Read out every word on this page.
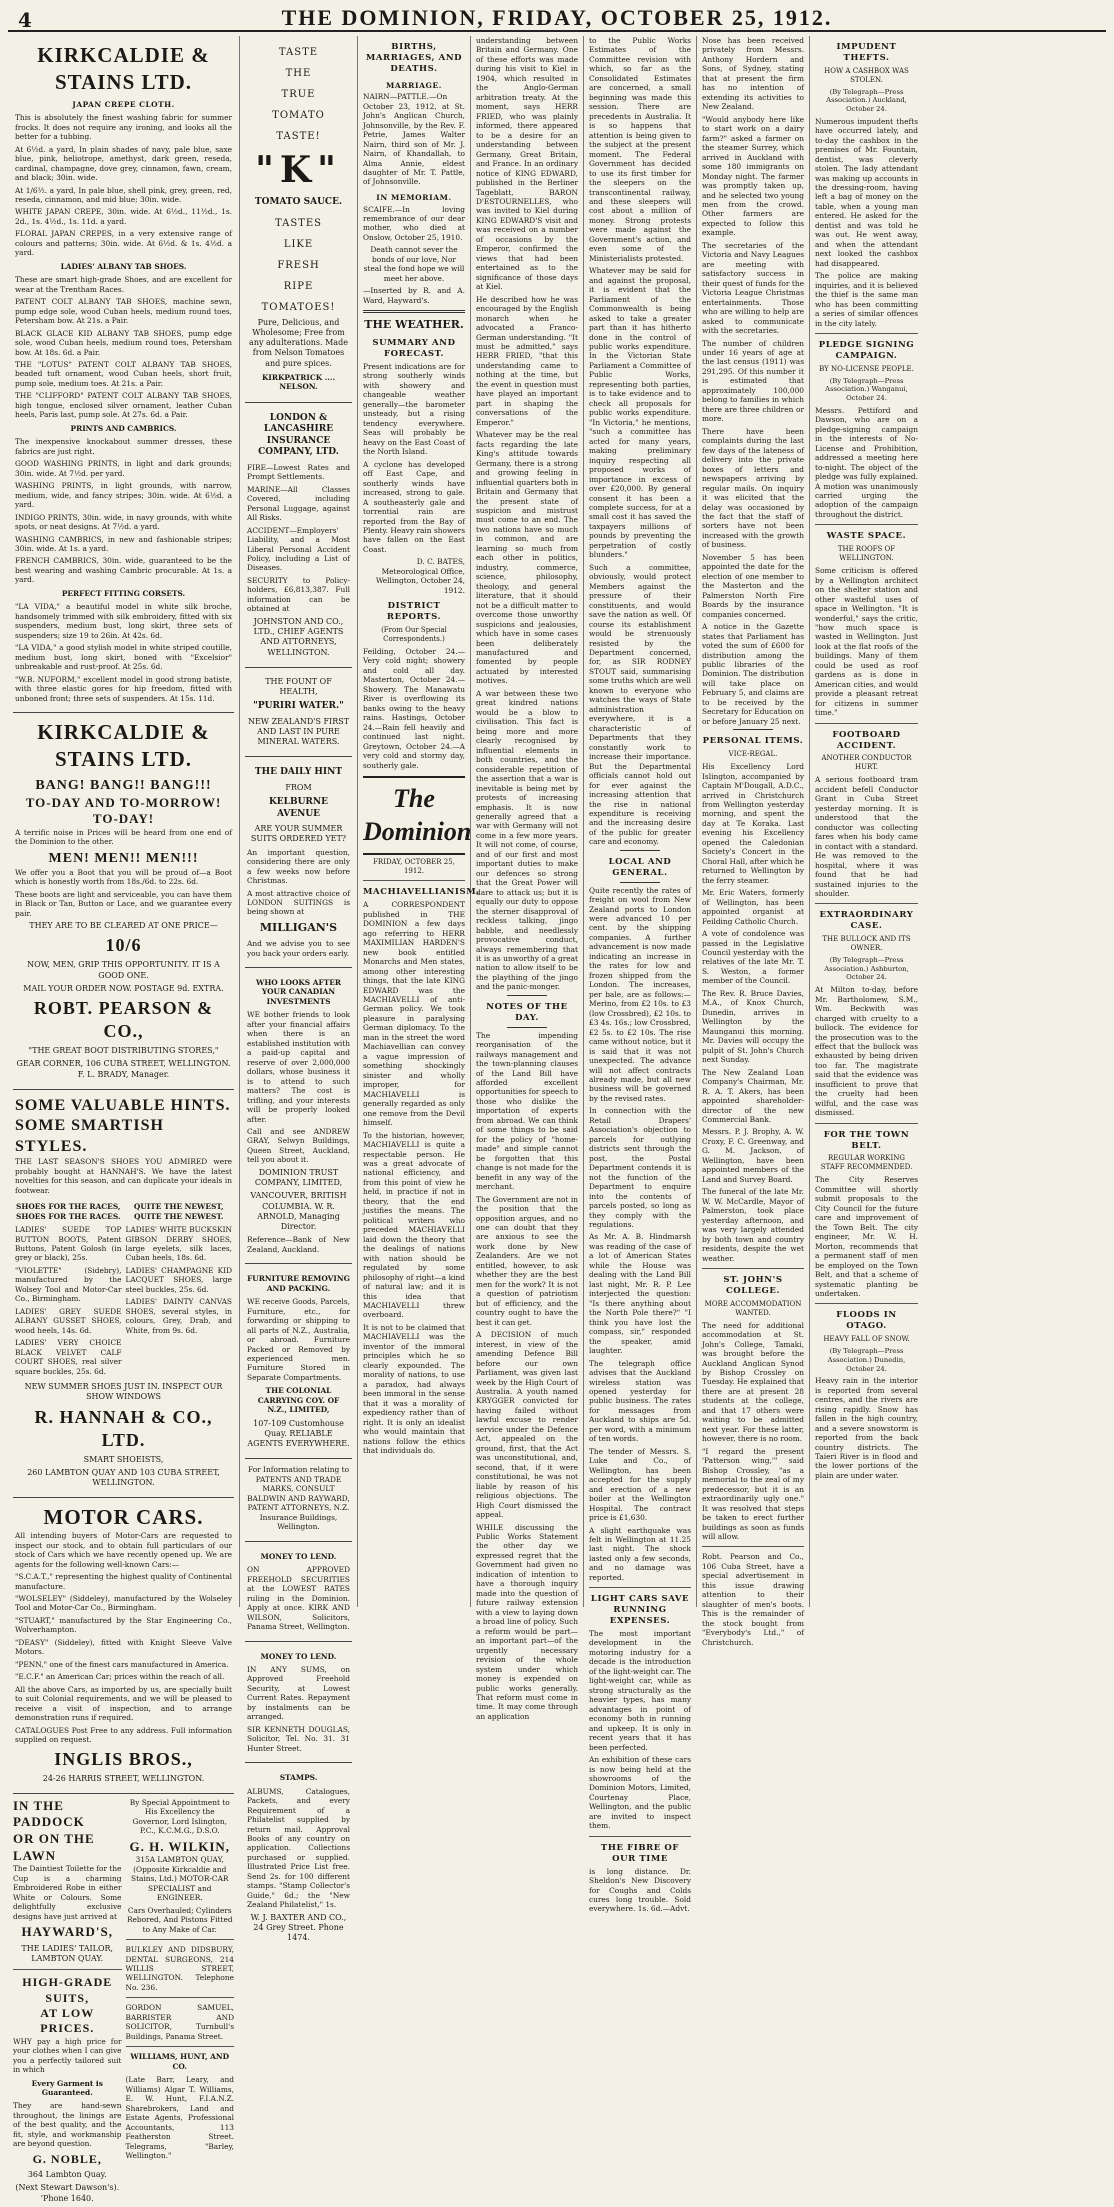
4	THE DOMINION, FRIDAY, OCTOBER 25, 1912.
KIRKCALDIE & STAINS LTD.
JAPAN CREPE CLOTH.

This is absolutely the finest washing fabric for summer frocks. It does not require any ironing, and looks all the better for a tubbing.

At 6½d. a yard, In plain shades of navy, pale blue, saxe blue, pink, heliotrope, amethyst, dark green, reseda, cardinal, champagne, dove grey, cinnamon, fawn, cream, and black; 30in. wide.

At 1/6½. a yard, In pale blue, shell pink, grey, green, red, reseda, cinnamon, and mid blue; 30in. wide.

WHITE JAPAN CREPE, 30in. wide. At 6½d., 11½d., 1s. 2d., 1s. 4½d., 1s. 11d. a yard.

FLORAL JAPAN CREPES, in a very extensive range of colours and patterns; 30in. wide. At 6½d. & 1s. 4½d. a yard.

LADIES' ALBANY TAB SHOES.

These are smart high-grade Shoes, and are excellent for wear at the Trentham Races.

PATENT COLT ALBANY TAB SHOES, machine sewn, pump edge sole, wood Cuban heels, medium round toes, Petersham bow. At 21s. a Pair.

BLACK GLACE KID ALBANY TAB SHOES, pump edge sole, wood Cuban heels, medium round toes, Petersham bow. At 18s. 6d. a Pair.

THE "LOTUS" PATENT COLT ALBANY TAB SHOES, beaded tuft ornament, wood Cuban heels, short fruit, pump sole, medium toes. At 21s. a Pair.

THE "CLIFFORD" PATENT COLT ALBANY TAB SHOES, high tongue, enclosed silver ornament, leather Cuban heels, Paris last, pump sole. At 27s. 6d. a Pair.

PRINTS AND CAMBRICS.

The inexpensive knockabout summer dresses, these fabrics are just right.

GOOD WASHING PRINTS, in light and dark grounds; 30in. wide. At 7½d. per yard.

WASHING PRINTS, in light grounds, with narrow, medium, wide, and fancy stripes; 30in. wide. At 6½d. a yard.

INDIGO PRINTS, 30in. wide, in navy grounds, with white spots, or neat designs. At 7½d. a yard.

WASHING CAMBRICS, in new and fashionable stripes; 30in. wide. At 1s. a yard.

FRENCH CAMBRICS, 30in. wide, guaranteed to be the best wearing and washing Cambric procurable. At 1s. a yard.

PERFECT FITTING CORSETS.

"LA VIDA," a beautiful model in white silk broche, handsomely trimmed with silk embroidery, fitted with six suspenders, medium bust, long skirt, three sets of suspenders; size 19 to 26in. At 42s. 6d.

"LA VIDA," a good stylish model in white striped coutille, medium bust, long skirt, boned with "Excelsior" unbreakable and rust-proof. At 25s. 6d.

"W.B. NUFORM," excellent model in good strong batiste, with three elastic gores for hip freedom, fitted with unboned front; three sets of suspenders. At 15s. 11d.

KIRKCALDIE & STAINS LTD.
BANG! BANG!! BANG!!!
TO-DAY AND TO-MORROW! TO-DAY!

A terrific noise in Prices will be heard from one end of the Dominion to the other.

MEN! MEN!! MEN!!!

We offer you a Boot that you will be proud of—a Boot which is honestly worth from 18s./6d. to 22s. 6d.

These boots are light and serviceable, you can have them in Black or Tan, Button or Lace, and we guarantee every pair.

THEY ARE TO BE CLEARED AT ONE PRICE—
10/6
NOW, MEN, GRIP THIS OPPORTUNITY. IT IS A GOOD ONE.
MAIL YOUR ORDER NOW. POSTAGE 9d. EXTRA.
ROBT. PEARSON & CO.,
"THE GREAT BOOT DISTRIBUTING STORES,"
GEAR CORNER, 106 CUBA STREET, WELLINGTON. F. L. BRADY, Manager.
SOME VALUABLE HINTS.
SOME SMARTISH STYLES.

THE LAST SEASON'S SHOES YOU ADMIRED were probably bought at HANNAH'S. We have the latest novelties for this season, and can duplicate your ideals in footwear.

SHOES FOR THE RACES, SHOES FOR THE RACES.

LADIES' SUEDE TOP BUTTON BOOTS, Patent Buttons, Patent Golosh (in grey or black), 25s.

"VIOLETTE" (Sidebry), manufactured by the Wolsey Tool and Motor-Car Co., Birmingham.

LADIES' GREY SUEDE ALBANY GUSSET SHOES, wood heels, 14s. 6d.

LADIES' VERY CHOICE BLACK VELVET CALF COURT SHOES, real silver square buckles, 25s. 6d.

QUITE THE NEWEST, QUITE THE NEWEST.

LADIES' WHITE BUCKSKIN GIBSON DERBY SHOES, large eyelets, silk laces, Cuban heels, 18s. 6d.

LADIES' CHAMPAGNE KID LACQUET SHOES, large steel buckles, 25s. 6d.

LADIES' DAINTY CANVAS SHOES, several styles, in colours, Grey, Drab, and White, from 9s. 6d.

NEW SUMMER SHOES JUST IN. INSPECT OUR SHOW WINDOWS
R. HANNAH & CO., LTD.
SMART SHOEISTS,
260 LAMBTON QUAY AND 103 CUBA STREET, WELLINGTON.
MOTOR CARS.

All intending buyers of Motor-Cars are requested to inspect our stock, and to obtain full particulars of our stock of Cars which we have recently opened up. We are agents for the following well-known Cars:—

"S.C.A.T.," representing the highest quality of Continental manufacture.

"WOLSELEY" (Siddeley), manufactured by the Wolseley Tool and Motor-Car Co., Birmingham.

"STUART," manufactured by the Star Engineering Co., Wolverhampton.

"DEASY" (Siddeley), fitted with Knight Sleeve Valve Motors.

"PENN," one of the finest cars manufactured in America.

"E.C.F." an American Car; prices within the reach of all.

All the above Cars, as imported by us, are specially built to suit Colonial requirements, and we will be pleased to receive a visit of inspection, and to arrange demonstration runs if required.

CATALOGUES Post Free to any address. Full information supplied on request.

INGLIS BROS.,
24-26 HARRIS STREET, WELLINGTON.
IN THE PADDOCK
OR ON THE LAWN

The Daintiest Toilette for the Cup is a charming Embroidered Robe in either White or Colours. Some delightfully exclusive designs have just arrived at

HAYWARD'S,
THE LADIES' TAILOR, LAMBTON QUAY.
HIGH-GRADE SUITS,
AT LOW PRICES.

WHY pay a high price for your clothes when I can give you a perfectly tailored suit in which

Every Garment is Guaranteed.

They are hand-sewn throughout, the linings are of the best quality, and the fit, style, and workmanship are beyond question.

G. NOBLE,
364 Lambton Quay.
(Next Stewart Dawson's). 'Phone 1640.

By Special Appointment to His Excellency the Governor, Lord Islington, P.C., K.C.M.G., D.S.O.

G. H. WILKIN,

315A LAMBTON QUAY, (Opposite Kirkcaldie and Stains, Ltd.) MOTOR-CAR SPECIALIST and ENGINEER.

Cars Overhauled; Cylinders Rebored, And Pistons Fitted to Any Make of Car.

BULKLEY AND DIDSBURY, DENTAL SURGEONS, 214 WILLIS STREET, WELLINGTON. Telephone No. 236.

GORDON SAMUEL, BARRISTER AND SOLICITOR, Turnbull's Buildings, Panama Street.

WILLIAMS, HUNT, AND CO.

(Late Barr, Leary, and Williams) Algar T. Williams, E. W. Hunt, F.I.A.N.Z. Sharebrokers, Land and Estate Agents, Professional Accountants, 113 Featherston Street. Telegrams, "Barley, Wellington."

TASTE
THE
TRUE
TOMATO
TASTE!
"K"
TOMATO SAUCE.
TASTES
LIKE
FRESH
RIPE
TOMATOES!

Pure, Delicious, and Wholesome; Free from any adulterations. Made from Nelson Tomatoes and pure spices.

KIRKPATRICK .... NELSON.
LONDON & LANCASHIRE INSURANCE COMPANY, LTD.

FIRE—Lowest Rates and Prompt Settlements.

MARINE—All Classes Covered, including Personal Luggage, against All Risks.

ACCIDENT—Employers' Liability, and a Most Liberal Personal Accident Policy, including a List of Diseases.

SECURITY to Policy-holders, £6,813,387. Full information can be obtained at

JOHNSTON AND CO., LTD., CHIEF AGENTS AND ATTORNEYS, WELLINGTON.
THE FOUNT OF HEALTH,
"PURIRI WATER."
NEW ZEALAND'S FIRST AND LAST IN PURE MINERAL WATERS.
THE DAILY HINT
FROM
KELBURNE AVENUE
ARE YOUR SUMMER SUITS ORDERED YET?

An important question, considering there are only a few weeks now before Christmas.

A most attractive choice of LONDON SUITINGS is being shown at

MILLIGAN'S

And we advise you to see you back your orders early.

WHO LOOKS AFTER YOUR CANADIAN INVESTMENTS

WE bother friends to look after your financial affairs when there is an established institution with a paid-up capital and reserve of over 2,000,000 dollars, whose business it is to attend to such matters? The cost is trifling, and your interests will be properly looked after.

Call and see ANDREW GRAY, Selwyn Buildings, Queen Street, Auckland, tell you about it.

DOMINION TRUST COMPANY, LIMITED,
VANCOUVER, BRITISH COLUMBIA. W. R. ARNOLD, Managing Director.

Reference—Bank of New Zealand, Auckland.

FURNITURE REMOVING AND PACKING.

WE receive Goods, Parcels, Furniture, etc., for forwarding or shipping to all parts of N.Z., Australia, or abroad. Furniture Packed or Removed by experienced men. Furniture Stored in Separate Compartments.

THE COLONIAL CARRYING COY. OF N.Z., LIMITED,
107-109 Customhouse Quay. RELIABLE AGENTS EVERYWHERE.

For Information relating to PATENTS AND TRADE MARKS, CONSULT BALDWIN AND RAYWARD, PATENT ATTORNEYS, N.Z. Insurance Buildings, Wellington.

MONEY TO LEND.

ON APPROVED FREEHOLD SECURITIES at the LOWEST RATES ruling in the Dominion. Apply at once. KIRK AND WILSON, Solicitors, Panama Street, Wellington.

MONEY TO LEND.

IN ANY SUMS, on Approved Freehold Security, at Lowest Current Rates. Repayment by instalments can be arranged.

SIR KENNETH DOUGLAS, Solicitor, Tel. No. 31. 31 Hunter Street.

STAMPS.

ALBUMS, Catalogues, Packets, and every Requirement of a Philatelist supplied by return mail. Approval Books of any country on application. Collections purchased or supplied. Illustrated Price List free. Send 2s. for 100 different stamps. "Stamp Collector's Guide," 6d.; the "New Zealand Philatelist," 1s.

W. J. BAXTER AND CO., 24 Grey Street. Phone 1474.
BIRTHS, MARRIAGES, AND DEATHS.
MARRIAGE.

NAIRN—PATTLE.—On October 23, 1912, at St. John's Anglican Church, Johnsonville, by the Rev. F. Petrie, James Walter Nairn, third son of Mr. J. Nairn, of Khandallah, to Alma Annie, eldest daughter of Mr. T. Pattle, of Johnsonville.

IN MEMORIAM.

SCAIFE.—In loving remembrance of our dear mother, who died at Onslow, October 25, 1910.

Death cannot sever the bonds of our love, Nor steal the fond hope we will meet her above.

—Inserted by R. and A. Ward, Hayward's.

THE WEATHER.
SUMMARY AND FORECAST.

Present indications are for strong southerly winds with showery and changeable weather generally—the barometer unsteady, but a rising tendency everywhere. Seas will probably be heavy on the East Coast of the North Island.

A cyclone has developed off East Cape, and southerly winds have increased, strong to gale. A southeasterly gale and torrential rain are reported from the Bay of Plenty. Heavy rain showers have fallen on the East Coast.

D. C. BATES, Meteorological Office, Wellington, October 24, 1912.

DISTRICT REPORTS.
(From Our Special Correspondents.)

Feilding, October 24.—Very cold night; showery and cold all day. Masterton, October 24.—Showery. The Manawatu River is overflowing its banks owing to the heavy rains. Hastings, October 24.—Rain fell heavily and continued last night. Greytown, October 24.—A very cold and stormy day, southerly gale.

The Dominion
FRIDAY, OCTOBER 25, 1912.
MACHIAVELLIANISM.

A CORRESPONDENT published in THE DOMINION a few days ago referring to HERR MAXIMILIAN HARDEN'S new book entitled Monarchs and Men states, among other interesting things, that the late KING EDWARD was the MACHIAVELLI of anti-German policy. We took pleasure in paralysing German diplomacy. To the man in the street the word Machiavellian can convey a vague impression of something shockingly sinister and wholly improper, for MACHIAVELLI is generally regarded as only one remove from the Devil himself.

To the historian, however, MACHIAVELLI is quite a respectable person. He was a great advocate of national efficiency, and from this point of view he held, in practice if not in theory, that the end justifies the means. The political writers who preceded MACHIAVELLI laid down the theory that the dealings of nations with nation should be regulated by some philosophy of right—a kind of natural law; and it is this idea that MACHIAVELLI threw overboard.

It is not to be claimed that MACHIAVELLI was the inventor of the immoral principles which he so clearly expounded. The morality of nations, to use a paradox, had always been immoral in the sense that it was a morality of expediency rather than of right. It is only an idealist who would maintain that nations follow the ethics that individuals do.

understanding between Britain and Germany. One of these efforts was made during his visit to Kiel in 1904, which resulted in the Anglo-German arbitration treaty. At the moment, says HERR FRIED, who was plainly informed, there appeared to be a desire for an understanding between Germany, Great Britain, and France. In an ordinary notice of KING EDWARD, published in the Berliner Tageblatt, BARON D'ESTOURNELLES, who was invited to Kiel during KING EDWARD'S visit and was received on a number of occasions by the Emperor, confirmed the views that had been entertained as to the significance of those days at Kiel.

He described how he was encouraged by the English monarch when he advocated a Franco-German understanding. "It must be admitted," says HERR FRIED, "that this understanding came to nothing at the time, but the event in question must have played an important part in shaping the conversations of the Emperor."

Whatever may be the real facts regarding the late King's attitude towards Germany, there is a strong and growing feeling in influential quarters both in Britain and Germany that the present state of suspicion and mistrust must come to an end. The two nations have so much in common, and are learning so much from each other in politics, industry, commerce, science, philosophy, theology, and general literature, that it should not be a difficult matter to overcome those unworthy suspicions and jealousies, which have in some cases been deliberately manufactured and fomented by people actuated by interested motives.

A war between these two great kindred nations would be a blow to civilisation. This fact is being more and more clearly recognised by influential elements in both countries, and the considerable repetition of the assertion that a war is inevitable is being met by protests of increasing emphasis. It is now generally agreed that a war with Germany will not come in a few more years. It will not come, of course, and of our first and most important duties to make our defences so strong that the Great Power will dare to attack us; but it is equally our duty to oppose the sterner disapproval of reckless talking, jingo babble, and needlessly provocative conduct, always remembering that it is as unworthy of a great nation to allow itself to be the plaything of the jingo and the panic-monger.

NOTES OF THE DAY.

The impending reorganisation of the railways management and the town-planning clauses of the Land Bill have afforded excellent opportunities for speech to those who dislike the importation of experts from abroad. We can think of some things to be said for the policy of "home-made" and simple cannot be forgotten that this change is not made for the benefit in any way of the merchant.

The Government are not in the position that the opposition argues, and no one can doubt that they are anxious to see the work done by New Zealanders. Are we not entitled, however, to ask whether they are the best men for the work? It is not a question of patriotism but of efficiency, and the country ought to have the best it can get.

A DECISION of much interest, in view of the amending Defence Bill before our own Parliament, was given last week by the High Court of Australia. A youth named KRYGGER convicted for having failed without lawful excuse to render service under the Defence Act, appealed on the ground, first, that the Act was unconstitutional, and, second, that, if it were constitutional, he was not liable by reason of his religious objections. The High Court dismissed the appeal.

WHILE discussing the Public Works Statement the other day we expressed regret that the Government had given no indication of intention to have a thorough inquiry made into the question of future railway extension with a view to laying down a broad line of policy. Such a reform would be part—an important part—of the urgently necessary revision of the whole system under which money is expended on public works generally. That reform must come in time. It may come through an application

to the Public Works Estimates of the Committee revision with which, so far as the Consolidated Estimates are concerned, a small beginning was made this session. There are precedents in Australia. It is so happens that attention is being given to the subject at the present moment. The Federal Government has decided to use its first timber for the sleepers on the transcontinental railway, and these sleepers will cost about a million of money. Strong protests were made against the Government's action, and even some of the Ministerialists protested.

Whatever may be said for and against the proposal, it is evident that the Parliament of the Commonwealth is being asked to take a greater part than it has hitherto done in the control of public works expenditure. In the Victorian State Parliament a Committee of Public Works, representing both parties, is to take evidence and to check all proposals for public works expenditure. "In Victoria," he mentions, "such a committee has acted for many years, making preliminary inquiry respecting all proposed works of importance in excess of over £20,000. By general consent it has been a complete success, for at a small cost it has saved the taxpayers millions of pounds by preventing the perpetration of costly blunders."

Such a committee, obviously, would protect Members against the pressure of their constituents, and would save the nation as well. Of course its establishment would be strenuously resisted by the Department concerned, for, as SIR RODNEY STOUT said, summarising some truths which are well known to everyone who watches the ways of State administration everywhere, it is a characteristic of Departments that they constantly work to increase their importance. But the Departmental officials cannot hold out for ever against the increasing attention that the rise in national expenditure is receiving and the increasing desire of the public for greater care and economy.

LOCAL AND GENERAL.

Quite recently the rates of freight on wool from New Zealand ports to London were advanced 10 per cent. by the shipping companies. A further advancement is now made indicating an increase in the rates for low and frozen shipped from the London. The increases, per bale, are as follows:—Merino, from £2 10s. to £3 (low Crossbred), £2 10s. to £3 4s. 16s.; low Crossbred, £2 5s. to £2 10s. The rise came without notice, but it is said that it was not unexpected. The advance will not affect contracts already made, but all new business will be governed by the revised rates.

In connection with the Retail Drapers' Association's objection to parcels for outlying districts sent through the post, the Postal Department contends it is not the function of the Department to enquire into the contents of parcels posted, so long as they comply with the regulations.

As Mr. A. B. Hindmarsh was reading of the case of a lot of American States while the House was dealing with the Land Bill last night, Mr. R. P. Lee interjected the question: "Is there anything about the North Pole there?" "I think you have lost the compass, sir," responded the speaker, amid laughter.

The telegraph office advises that the Auckland wireless station was opened yesterday for public business. The rates for messages from Auckland to ships are 5d. per word, with a minimum of ten words.

The tender of Messrs. S. Luke and Co., of Wellington, has been accepted for the supply and erection of a new boiler at the Wellington Hospital. The contract price is £1,630.

A slight earthquake was felt in Wellington at 11.25 last night. The shock lasted only a few seconds, and no damage was reported.

LIGHT CARS SAVE RUNNING EXPENSES.

The most important development in the motoring industry for a decade is the introduction of the light-weight car. The light-weight car, while as strong structurally as the heavier types, has many advantages in point of economy both in running and upkeep. It is only in recent years that it has been perfected.

An exhibition of these cars is now being held at the showrooms of the Dominion Motors, Limited, Courtenay Place, Wellington, and the public are invited to inspect them.

THE FIBRE OF OUR TIME

is long distance. Dr. Sheldon's New Discovery for Coughs and Colds cures long trouble. Sold everywhere. 1s. 6d.—Advt.

Nose has been received privately from Messrs. Anthony Hordern and Sons, of Sydney, stating that at present the firm has no intention of extending its activities to New Zealand.

"Would anybody here like to start work on a dairy farm?" asked a farmer on the steamer Surrey, which arrived in Auckland with some 180 immigrants on Monday night. The farmer was promptly taken up, and he selected two young men from the crowd. Other farmers are expected to follow this example.

The secretaries of the Victoria and Navy Leagues are meeting with satisfactory success in their quest of funds for the Victoria League Christmas entertainments. Those who are willing to help are asked to communicate with the secretaries.

The number of children under 16 years of age at the last census (1911) was 291,295. Of this number it is estimated that approximately 100,000 belong to families in which there are three children or more.

There have been complaints during the last few days of the lateness of delivery into the private boxes of letters and newspapers arriving by regular mails. On inquiry it was elicited that the delay was occasioned by the fact that the staff of sorters have not been increased with the growth of business.

November 5 has been appointed the date for the election of one member to the Masterton and the Palmerston North Fire Boards by the insurance companies concerned.

A notice in the Gazette states that Parliament has voted the sum of £600 for distribution among the public libraries of the Dominion. The distribution will take place on February 5, and claims are to be received by the Secretary for Education on or before January 25 next.

PERSONAL ITEMS.
VICE-REGAL.

His Excellency Lord Islington, accompanied by Captain M'Dougall, A.D.C., arrived in Christchurch from Wellington yesterday morning, and spent the day at Te Koraka. Last evening his Excellency opened the Caledonian Society's Concert in the Choral Hall, after which he returned to Wellington by the ferry steamer.

Mr. Eric Waters, formerly of Wellington, has been appointed organist at Feilding Catholic Church.

A vote of condolence was passed in the Legislative Council yesterday with the relatives of the late Mr. T. S. Weston, a former member of the Council.

The Rev. R. Bruce Davies, M.A., of Knox Church, Dunedin, arrives in Wellington by the Maunganui this morning. Mr. Davies will occupy the pulpit of St. John's Church next Sunday.

The New Zealand Loan Company's Chairman, Mr. R. A. T. Akers, has been appointed shareholder-director of the new Commercial Bank.

Messrs. P. J. Brophy, A. W. Croxy, F. C. Greenway, and G. M. Jackson, of Wellington, have been appointed members of the Land and Survey Board.

The funeral of the late Mr. W. W. McCardle, Mayor of Palmerston, took place yesterday afternoon, and was very largely attended by both town and country residents, despite the wet weather.

ST. JOHN'S COLLEGE.
MORE ACCOMMODATION WANTED.

The need for additional accommodation at St. John's College, Tamaki, was brought before the Auckland Anglican Synod by Bishop Crossley on Tuesday. He explained that there are at present 28 students at the college, and that 17 others were waiting to be admitted next year. For these latter, however, there is no room.

"I regard the present 'Patterson wing,'" said Bishop Crossley, "as a memorial to the zeal of my predecessor, but it is an extraordinarily ugly one." It was resolved that steps be taken to erect further buildings as soon as funds will allow.

Robt. Pearson and Co., 106 Cuba Street, have a special advertisement in this issue drawing attention to their slaughter of men's boots. This is the remainder of the stock bought from "Everybody's Ltd.," of Christchurch.

IMPUDENT THEFTS.
HOW A CASHBOX WAS STOLEN.

(By Telegraph—Press Association.) Auckland, October 24.

Numerous impudent thefts have occurred lately, and to-day the cashbox in the premises of Mr. Fountain, dentist, was cleverly stolen. The lady attendant was making up accounts in the dressing-room, having left a bag of money on the table, when a young man entered. He asked for the dentist and was told he was out. He went away, and when the attendant next looked the cashbox had disappeared.

The police are making inquiries, and it is believed the thief is the same man who has been committing a series of similar offences in the city lately.

PLEDGE SIGNING CAMPAIGN.
BY NO-LICENSE PEOPLE.

(By Telegraph—Press Association.) Wanganui, October 24.

Messrs. Pettiford and Dawson, who are on a pledge-signing campaign in the interests of No-License and Prohibition, addressed a meeting here to-night. The object of the pledge was fully explained. A motion was unanimously carried urging the adoption of the campaign throughout the district.

WASTE SPACE.
THE ROOFS OF WELLINGTON.

Some criticism is offered by a Wellington architect on the shelter station and other wasteful uses of space in Wellington. "It is wonderful," says the critic, "how much space is wasted in Wellington. Just look at the flat roofs of the buildings. Many of them could be used as roof gardens as is done in American cities, and would provide a pleasant retreat for citizens in summer time."

FOOTBOARD ACCIDENT.
ANOTHER CONDUCTOR HURT.

A serious footboard tram accident befell Conductor Grant in Cuba Street yesterday morning. It is understood that the conductor was collecting fares when his body came in contact with a standard. He was removed to the hospital, where it was found that he had sustained injuries to the shoulder.

EXTRAORDINARY CASE.
THE BULLOCK AND ITS OWNER.

(By Telegraph—Press Association.) Ashburton, October 24.

At Milton to-day, before Mr. Bartholomew, S.M., Wm. Beckwith was charged with cruelty to a bullock. The evidence for the prosecution was to the effect that the bullock was exhausted by being driven too far. The magistrate said that the evidence was insufficient to prove that the cruelty had been wilful, and the case was dismissed.

FOR THE TOWN BELT.
REGULAR WORKING STAFF RECOMMENDED.

The City Reserves Committee will shortly submit proposals to the City Council for the future care and improvement of the Town Belt. The city engineer, Mr. W. H. Morton, recommends that a permanent staff of men be employed on the Town Belt, and that a scheme of systematic planting be undertaken.

FLOODS IN OTAGO.
HEAVY FALL OF SNOW.

(By Telegraph—Press Association.) Dunedin, October 24.

Heavy rain in the interior is reported from several centres, and the rivers are rising rapidly. Snow has fallen in the high country, and a severe snowstorm is reported from the back country districts. The Taieri River is in flood and the lower portions of the plain are under water.
